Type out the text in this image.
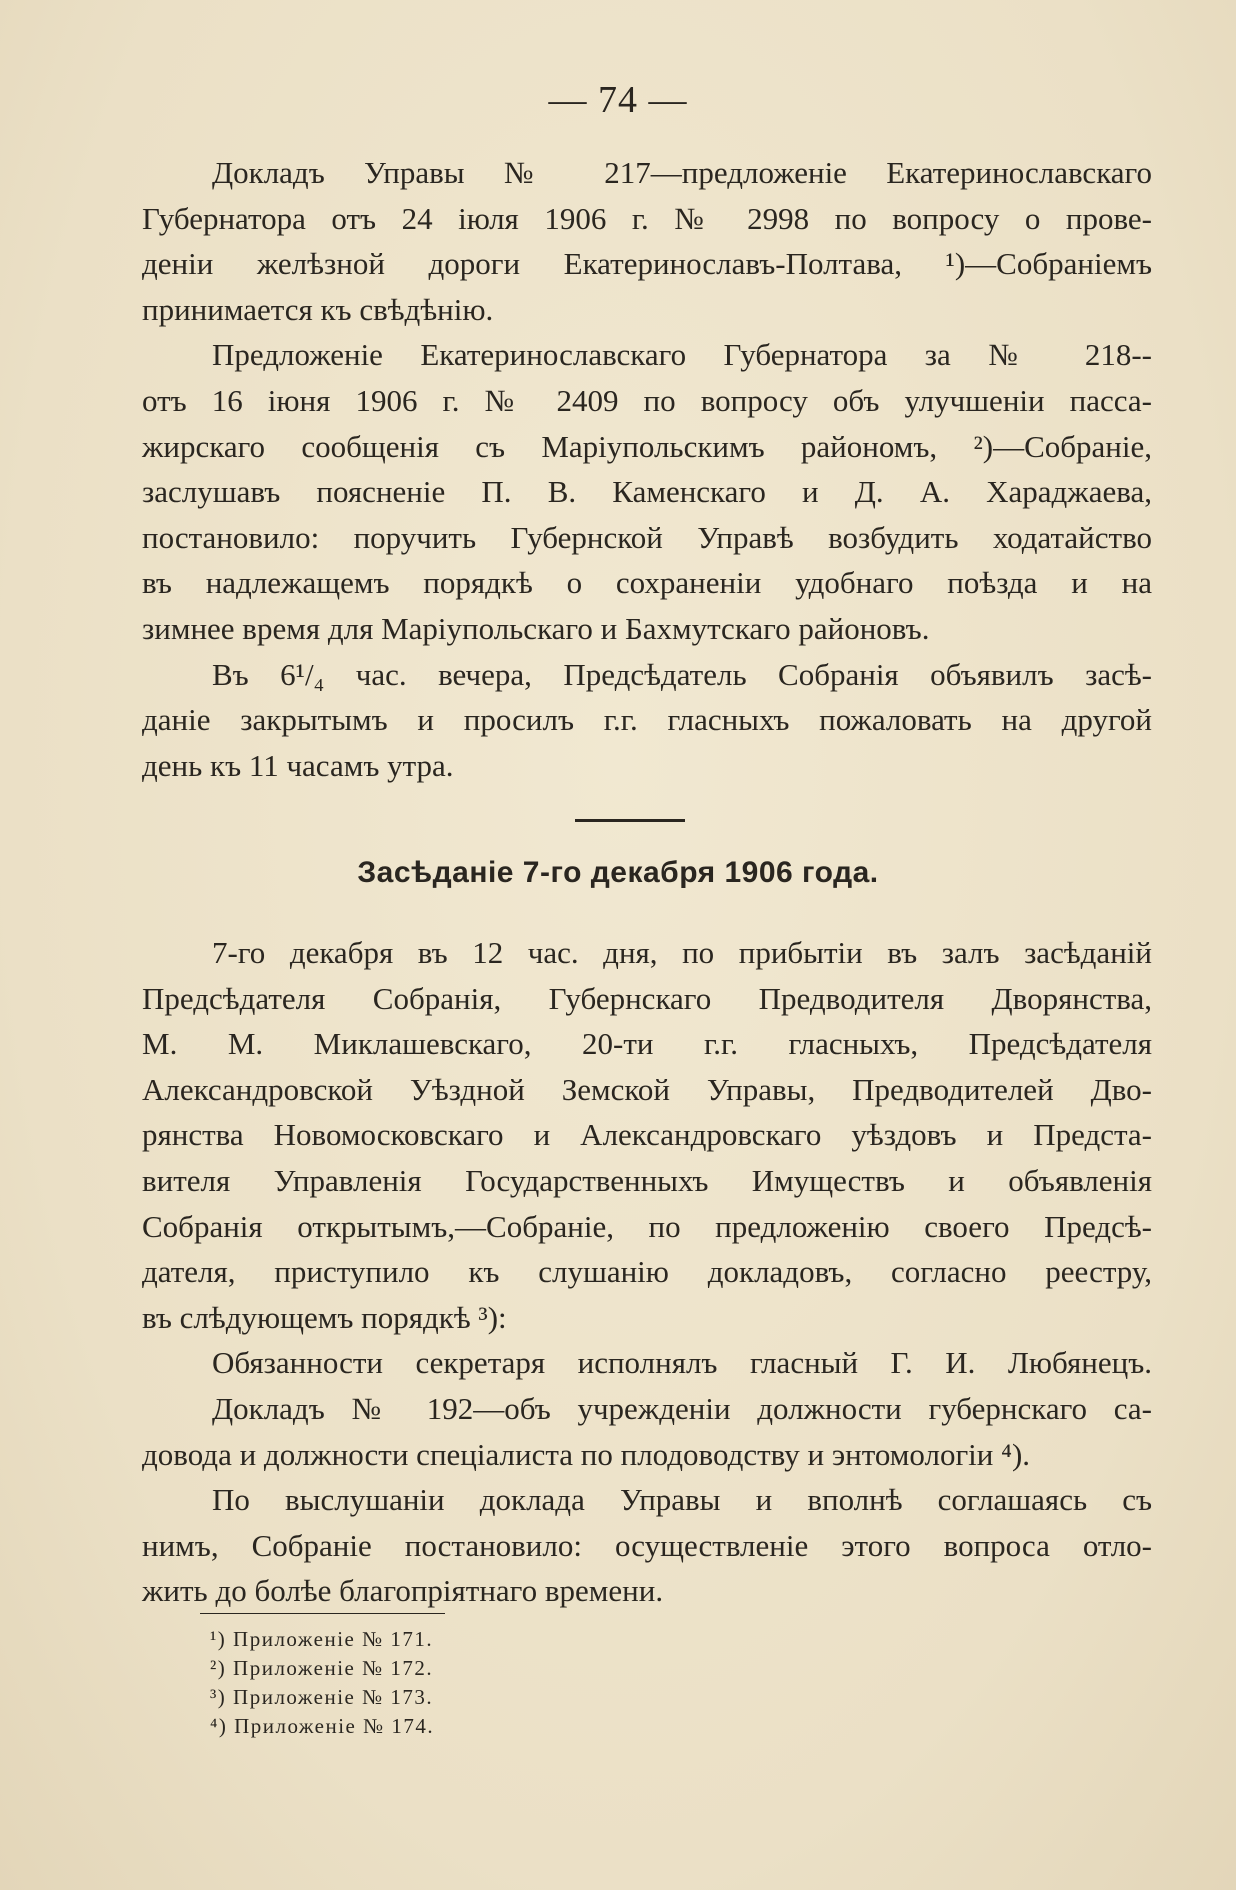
— 74 —
Докладъ Управы № 217—предложеніе Екатеринославскаго
Губернатора отъ 24 іюля 1906 г. № 2998 по вопросу о прове-
деніи желѣзной дороги Екатеринославъ-Полтава, ¹)—Собраніемъ
принимается къ свѣдѣнію.
Предложеніе Екатеринославскаго Губернатора за № 218--
отъ 16 іюня 1906 г. № 2409 по вопросу объ улучшеніи пасса-
жирскаго сообщенія съ Маріупольскимъ райономъ, ²)—Собраніе,
заслушавъ поясненіе П. В. Каменскаго и Д. А. Хараджаева,
постановило: поручить Губернской Управѣ возбудить ходатайство
въ надлежащемъ порядкѣ о сохраненіи удобнаго поѣзда и на
зимнее время для Маріупольскаго и Бахмутскаго районовъ.
Въ 6¹/₄ час. вечера, Предсѣдатель Собранія объявилъ засѣ-
даніе закрытымъ и просилъ г.г. гласныхъ пожаловать на другой
день къ 11 часамъ утра.
Засѣданіе 7-го декабря 1906 года.
7-го декабря въ 12 час. дня, по прибытіи въ залъ засѣданій
Предсѣдателя Собранія, Губернскаго Предводителя Дворянства,
М. М. Миклашевскаго, 20-ти г.г. гласныхъ, Предсѣдателя
Александровской Уѣздной Земской Управы, Предводителей Дво-
рянства Новомосковскаго и Александровскаго уѣздовъ и Предста-
вителя Управленія Государственныхъ Имуществъ и объявленія
Собранія открытымъ,—Собраніе, по предложенію своего Предсѣ-
дателя, приступило къ слушанію докладовъ, согласно реестру,
въ слѣдующемъ порядкѣ ³):
Обязанности секретаря исполнялъ гласный Г. И. Любянецъ.
Докладъ № 192—объ учрежденіи должности губернскаго са-
довода и должности спеціалиста по плодоводству и энтомологіи ⁴).
По выслушаніи доклада Управы и вполнѣ соглашаясь съ
нимъ, Собраніе постановило: осуществленіе этого вопроса отло-
жить до болѣе благопріятнаго времени.
¹) Приложеніе № 171.
²) Приложеніе № 172.
³) Приложеніе № 173.
⁴) Приложеніе № 174.
